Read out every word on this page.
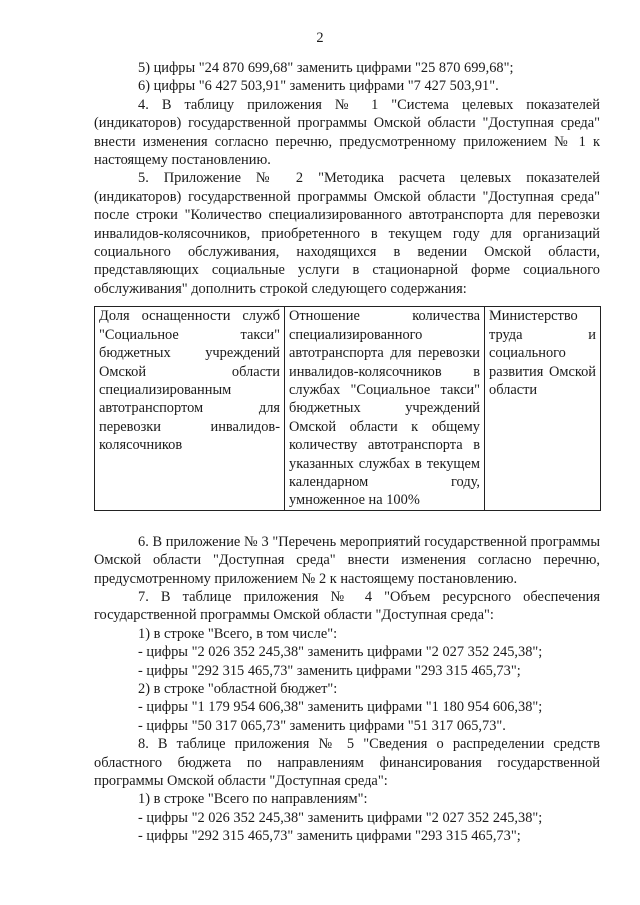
2

5) цифры "24 870 699,68" заменить цифрами "25 870 699,68";

6) цифры "6 427 503,91" заменить цифрами "7 427 503,91".

4. В таблицу приложения № 1 "Система целевых показателей (индикаторов) государственной программы Омской области "Доступная среда" внести изменения согласно перечню, предусмотренному приложением № 1 к настоящему постановлению.

5. Приложение № 2 "Методика расчета целевых показателей (индикаторов) государственной программы Омской области "Доступная среда" после строки "Количество специализированного автотранспорта для перевозки инвалидов-колясочников, приобретенного в текущем году для организаций социального обслуживания, находящихся в ведении Омской области, представляющих социальные услуги в стационарной форме социального обслуживания" дополнить строкой следующего содержания:

Доля оснащенности служб "Социальное такси" бюджетных учреждений Омской области специализированным автотранспортом для перевозки инвалидов-колясочников	Отношение количества специализированного автотранспорта для перевозки инвалидов-колясочников в службах "Социальное такси" бюджетных учреждений Омской области к общему количеству автотранспорта в указанных службах в текущем календарном году, умноженное на 100%	Министерство труда и социального развития Омской области

6. В приложение № 3 "Перечень мероприятий государственной программы Омской области "Доступная среда" внести изменения согласно перечню, предусмотренному приложением № 2 к настоящему постановлению.

7. В таблице приложения № 4 "Объем ресурсного обеспечения государственной программы Омской области "Доступная среда":

1) в строке "Всего, в том числе":

- цифры "2 026 352 245,38" заменить цифрами "2 027 352 245,38";

- цифры "292 315 465,73" заменить цифрами "293 315 465,73";

2) в строке "областной бюджет":

- цифры "1 179 954 606,38" заменить цифрами "1 180 954 606,38";

- цифры "50 317 065,73" заменить цифрами "51 317 065,73".

8. В таблице приложения № 5 "Сведения о распределении средств областного бюджета по направлениям финансирования государственной программы Омской области "Доступная среда":

1) в строке "Всего по направлениям":

- цифры "2 026 352 245,38" заменить цифрами "2 027 352 245,38";

- цифры "292 315 465,73" заменить цифрами "293 315 465,73";
